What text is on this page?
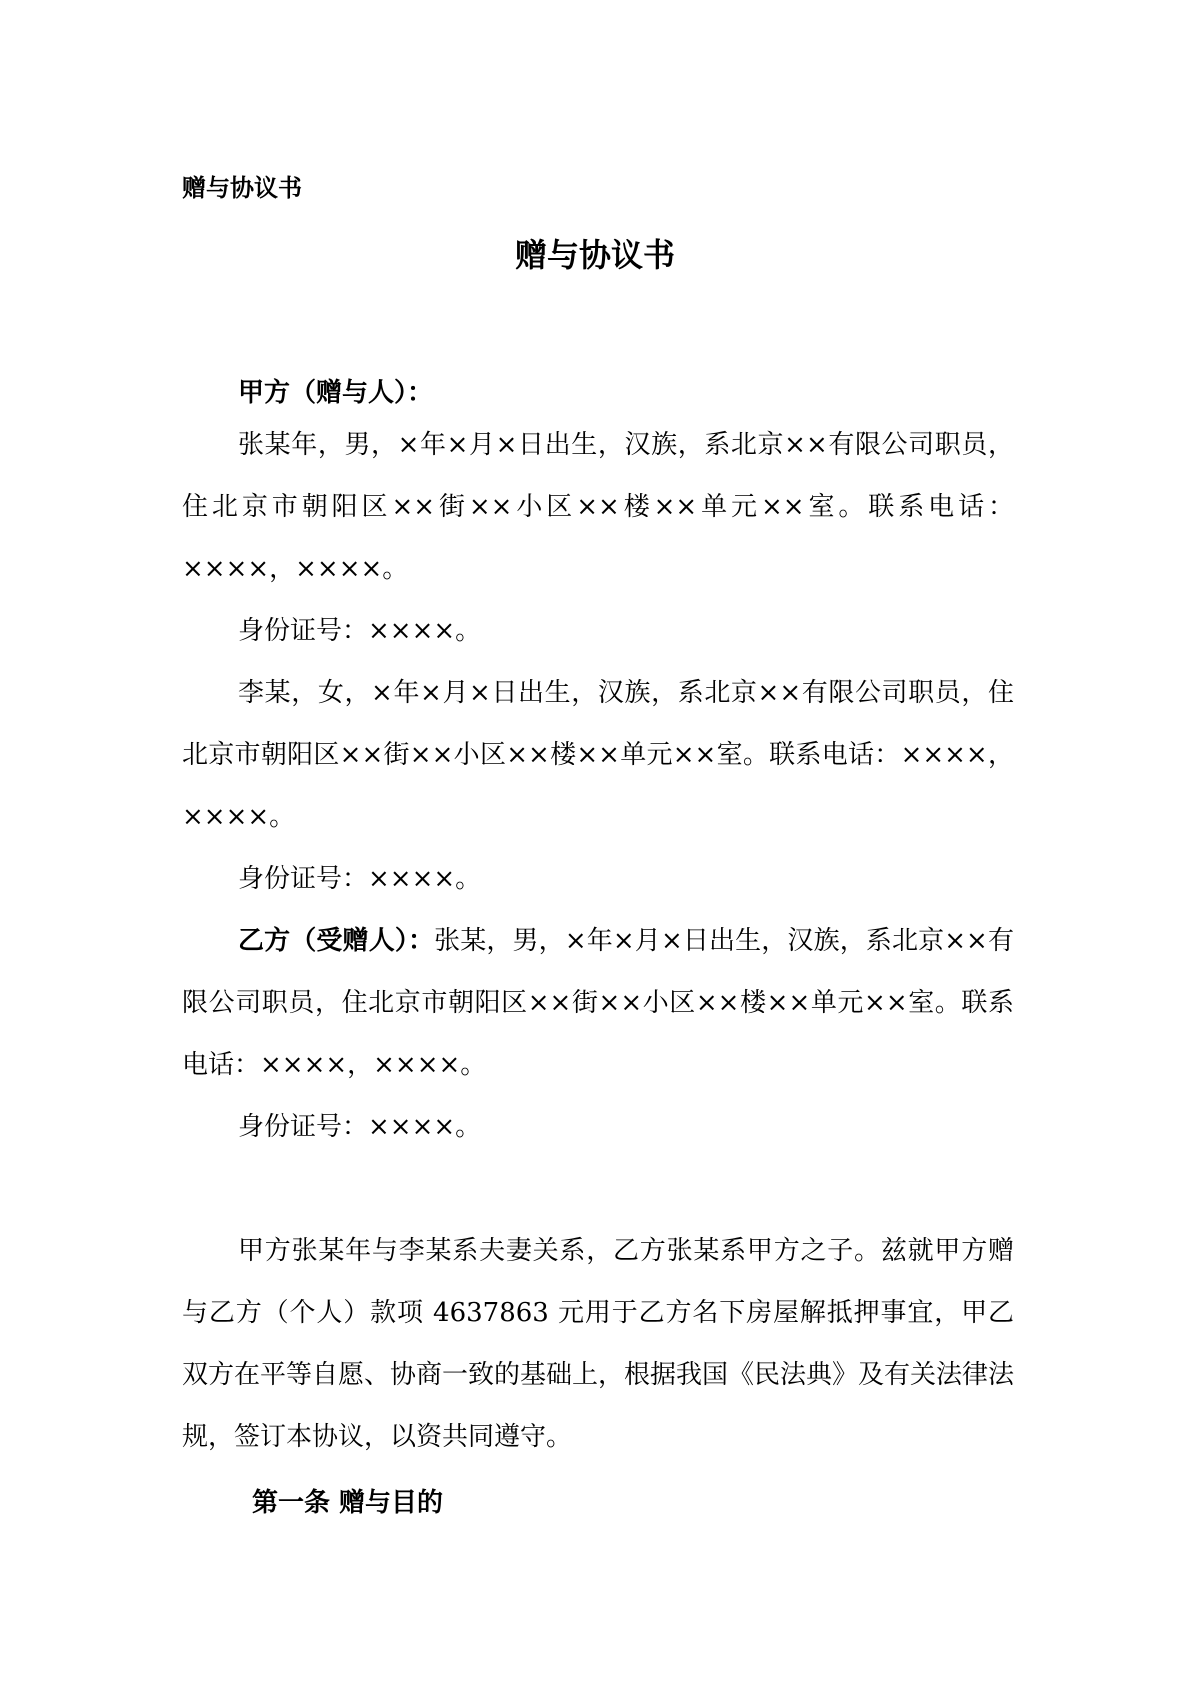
赠与协议书
赠与协议书
甲方（赠与人）：
张某年，男，×年×月×日出生，汉族，系北京××有限公司职员，住北京市朝阳区××街××小区××楼××单元××室。联系电话：××××，××××。
身份证号：××××。
李某，女，×年×月×日出生，汉族，系北京××有限公司职员，住北京市朝阳区××街××小区××楼××单元××室。联系电话：××××，××××。
身份证号：××××。
乙方（受赠人）：张某，男，×年×月×日出生，汉族，系北京××有限公司职员，住北京市朝阳区××街××小区××楼××单元××室。联系电话：××××，××××。
身份证号：××××。
甲方张某年与李某系夫妻关系，乙方张某系甲方之子。兹就甲方赠与乙方（个人）款项 4637863 元用于乙方名下房屋解抵押事宜，甲乙双方在平等自愿、协商一致的基础上，根据我国《民法典》及有关法律法规，签订本协议，以资共同遵守。
第一条 赠与目的
